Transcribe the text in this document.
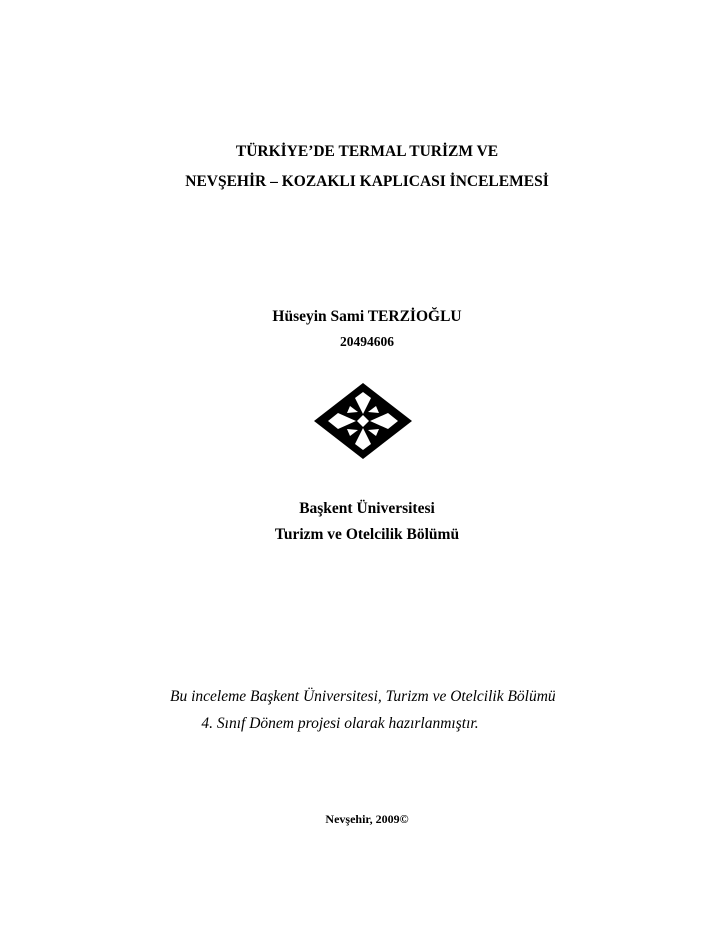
TÜRKİYE’DE TERMAL TURİZM VE

NEVŞEHİR – KOZAKLI KAPLICASI İNCELEMESİ

Hüseyin Sami TERZİOĞLU

20494606

Başkent Üniversitesi

Turizm ve Otelcilik Bölümü

Bu inceleme Başkent Üniversitesi, Turizm ve Otelcilik Bölümü

4. Sınıf Dönem projesi olarak hazırlanmıştır.

Nevşehir, 2009©
